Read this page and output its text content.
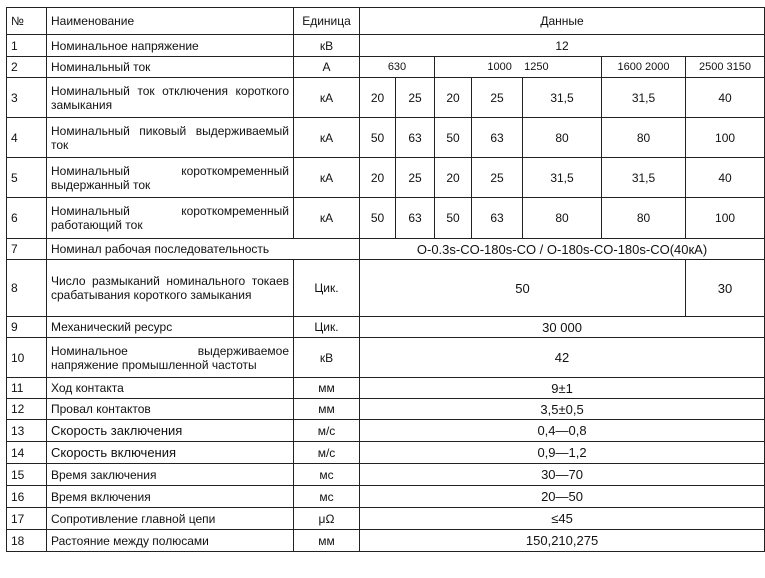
№	Наименование	Единица	Данные						
1	Номинальное напряжение	кВ	12						
2	Номинальный ток	А	630		1000    1250			1600 2000	2500 3150
3	Номинальный ток отключения короткого замыкания	кА	20	25	20	25	31,5	31,5	40
4	Номинальный пиковый выдерживаемый ток	кА	50	63	50	63	80	80	100
5	Номинальный короткомременный выдержанный ток	кА	20	25	20	25	31,5	31,5	40
6	Номинальный короткомременный работающий ток	кА	50	63	50	63	80	80	100
7	Номинал рабочая последовательность		O-0.3s-CO-180s-CO / O-180s-CO-180s-CO(40кА)						
8	Число размыканий номинального токаев срабатывания короткого замыкания	Цик.	50						30
9	Механический ресурс	Цик.	30 000						
10	Номинальное выдерживаемое напряжение промышленной частоты	кВ	42						
11	Ход контакта	мм	9±1						
12	Провал контактов	мм	3,5±0,5						
13	Скорость заключения	м/с	0,4—0,8						
14	Скорость включения	м/с	0,9—1,2						
15	Время заключения	мс	30—70						
16	Время включения	мс	20—50						
17	Сопротивление главной цепи	μΩ	≤45						
18	Растояние между полюсами	мм	150,210,275						
